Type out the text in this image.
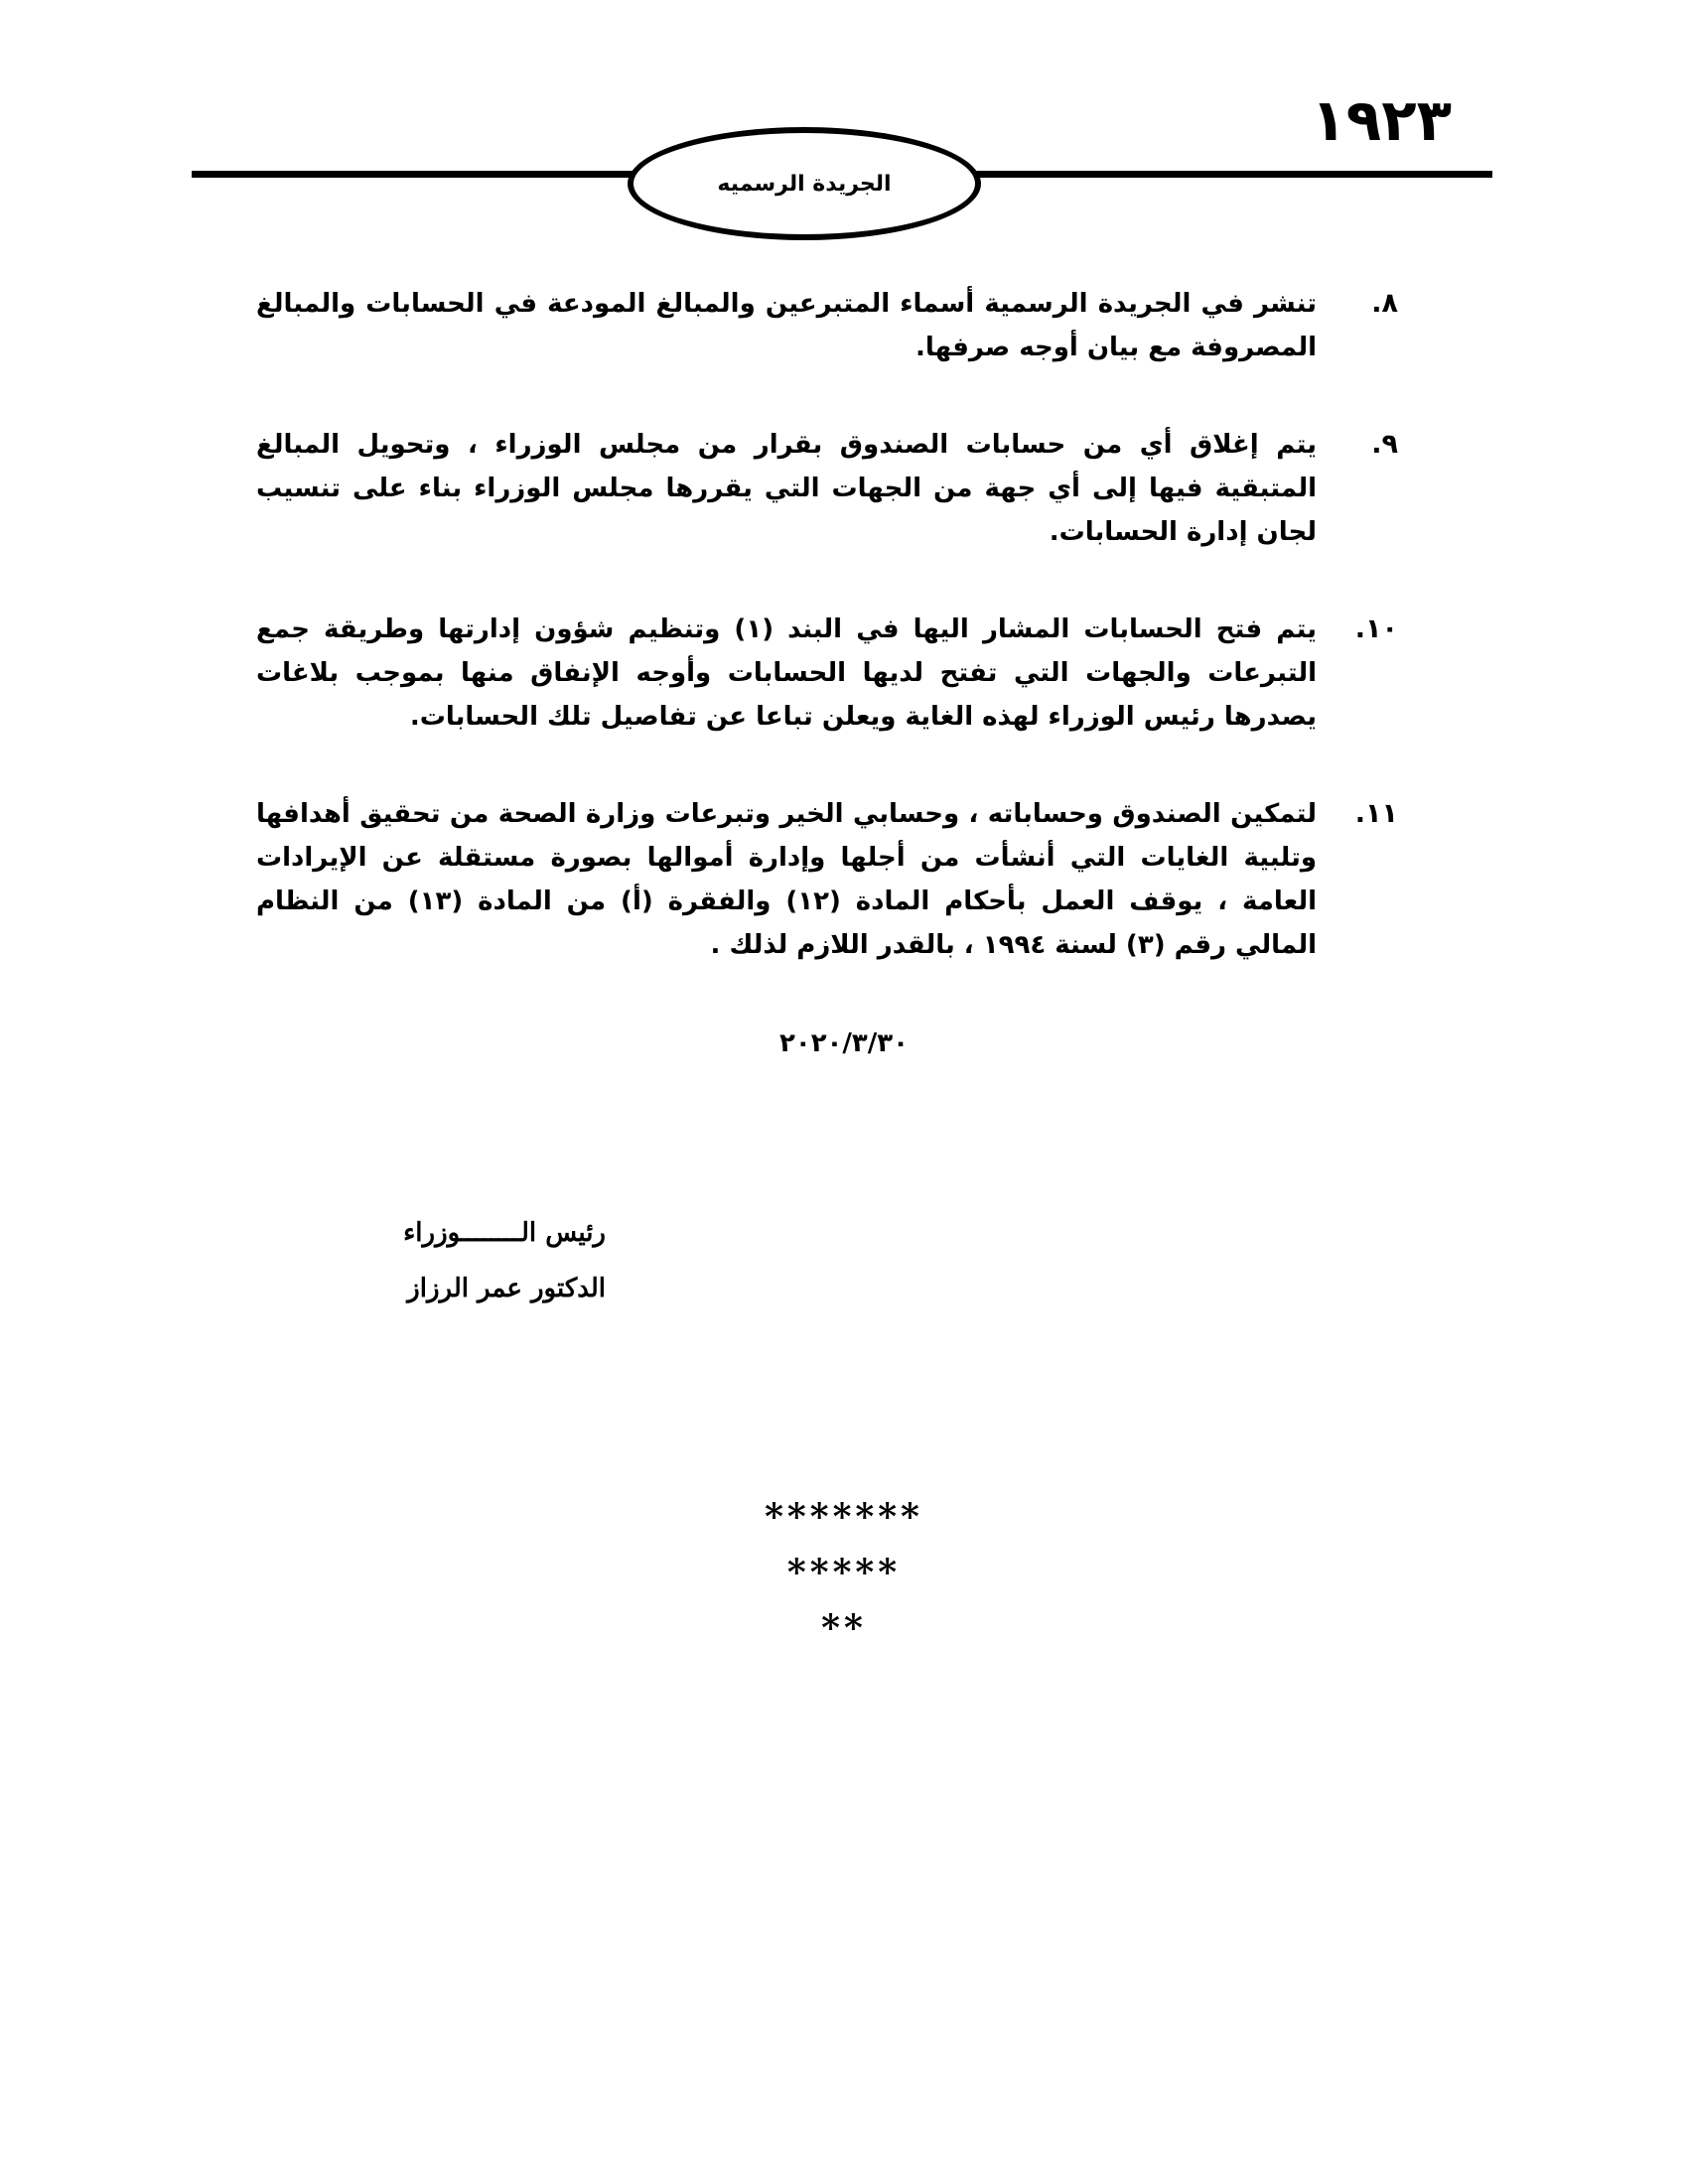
١٩٢٣
الجريدة الرسميه
٨.
تنشر في الجريدة الرسمية أسماء المتبرعين والمبالغ المودعة في الحسابات والمبالغ المصروفة مع بيان أوجه صرفها.
٩.
يتم إغلاق أي من حسابات الصندوق بقرار من مجلس الوزراء ، وتحويل المبالغ المتبقية فيها إلى أي جهة من الجهات التي يقررها مجلس الوزراء بناء على تنسيب لجان إدارة الحسابات.
١٠.
يتم فتح الحسابات المشار اليها في البند (١) وتنظيم شؤون إدارتها وطريقة جمع التبرعات والجهات التي تفتح لديها الحسابات وأوجه الإنفاق منها بموجب بلاغات يصدرها رئيس الوزراء لهذه الغاية ويعلن تباعا عن تفاصيل تلك الحسابات.
١١.
لتمكين الصندوق وحساباته ، وحسابي الخير وتبرعات وزارة الصحة من تحقيق أهدافها وتلبية الغايات التي أنشأت من أجلها وإدارة أموالها بصورة مستقلة عن الإيرادات العامة ، يوقف العمل بأحكام المادة (١٢) والفقرة (أ) من المادة (١٣) من النظام المالي رقم (٣) لسنة ١٩٩٤ ، بالقدر اللازم لذلك .
٢٠٢٠/٣/٣٠
رئيس الــــــــوزراء
الدكتور عمر الرزاز
*******
*****
**
